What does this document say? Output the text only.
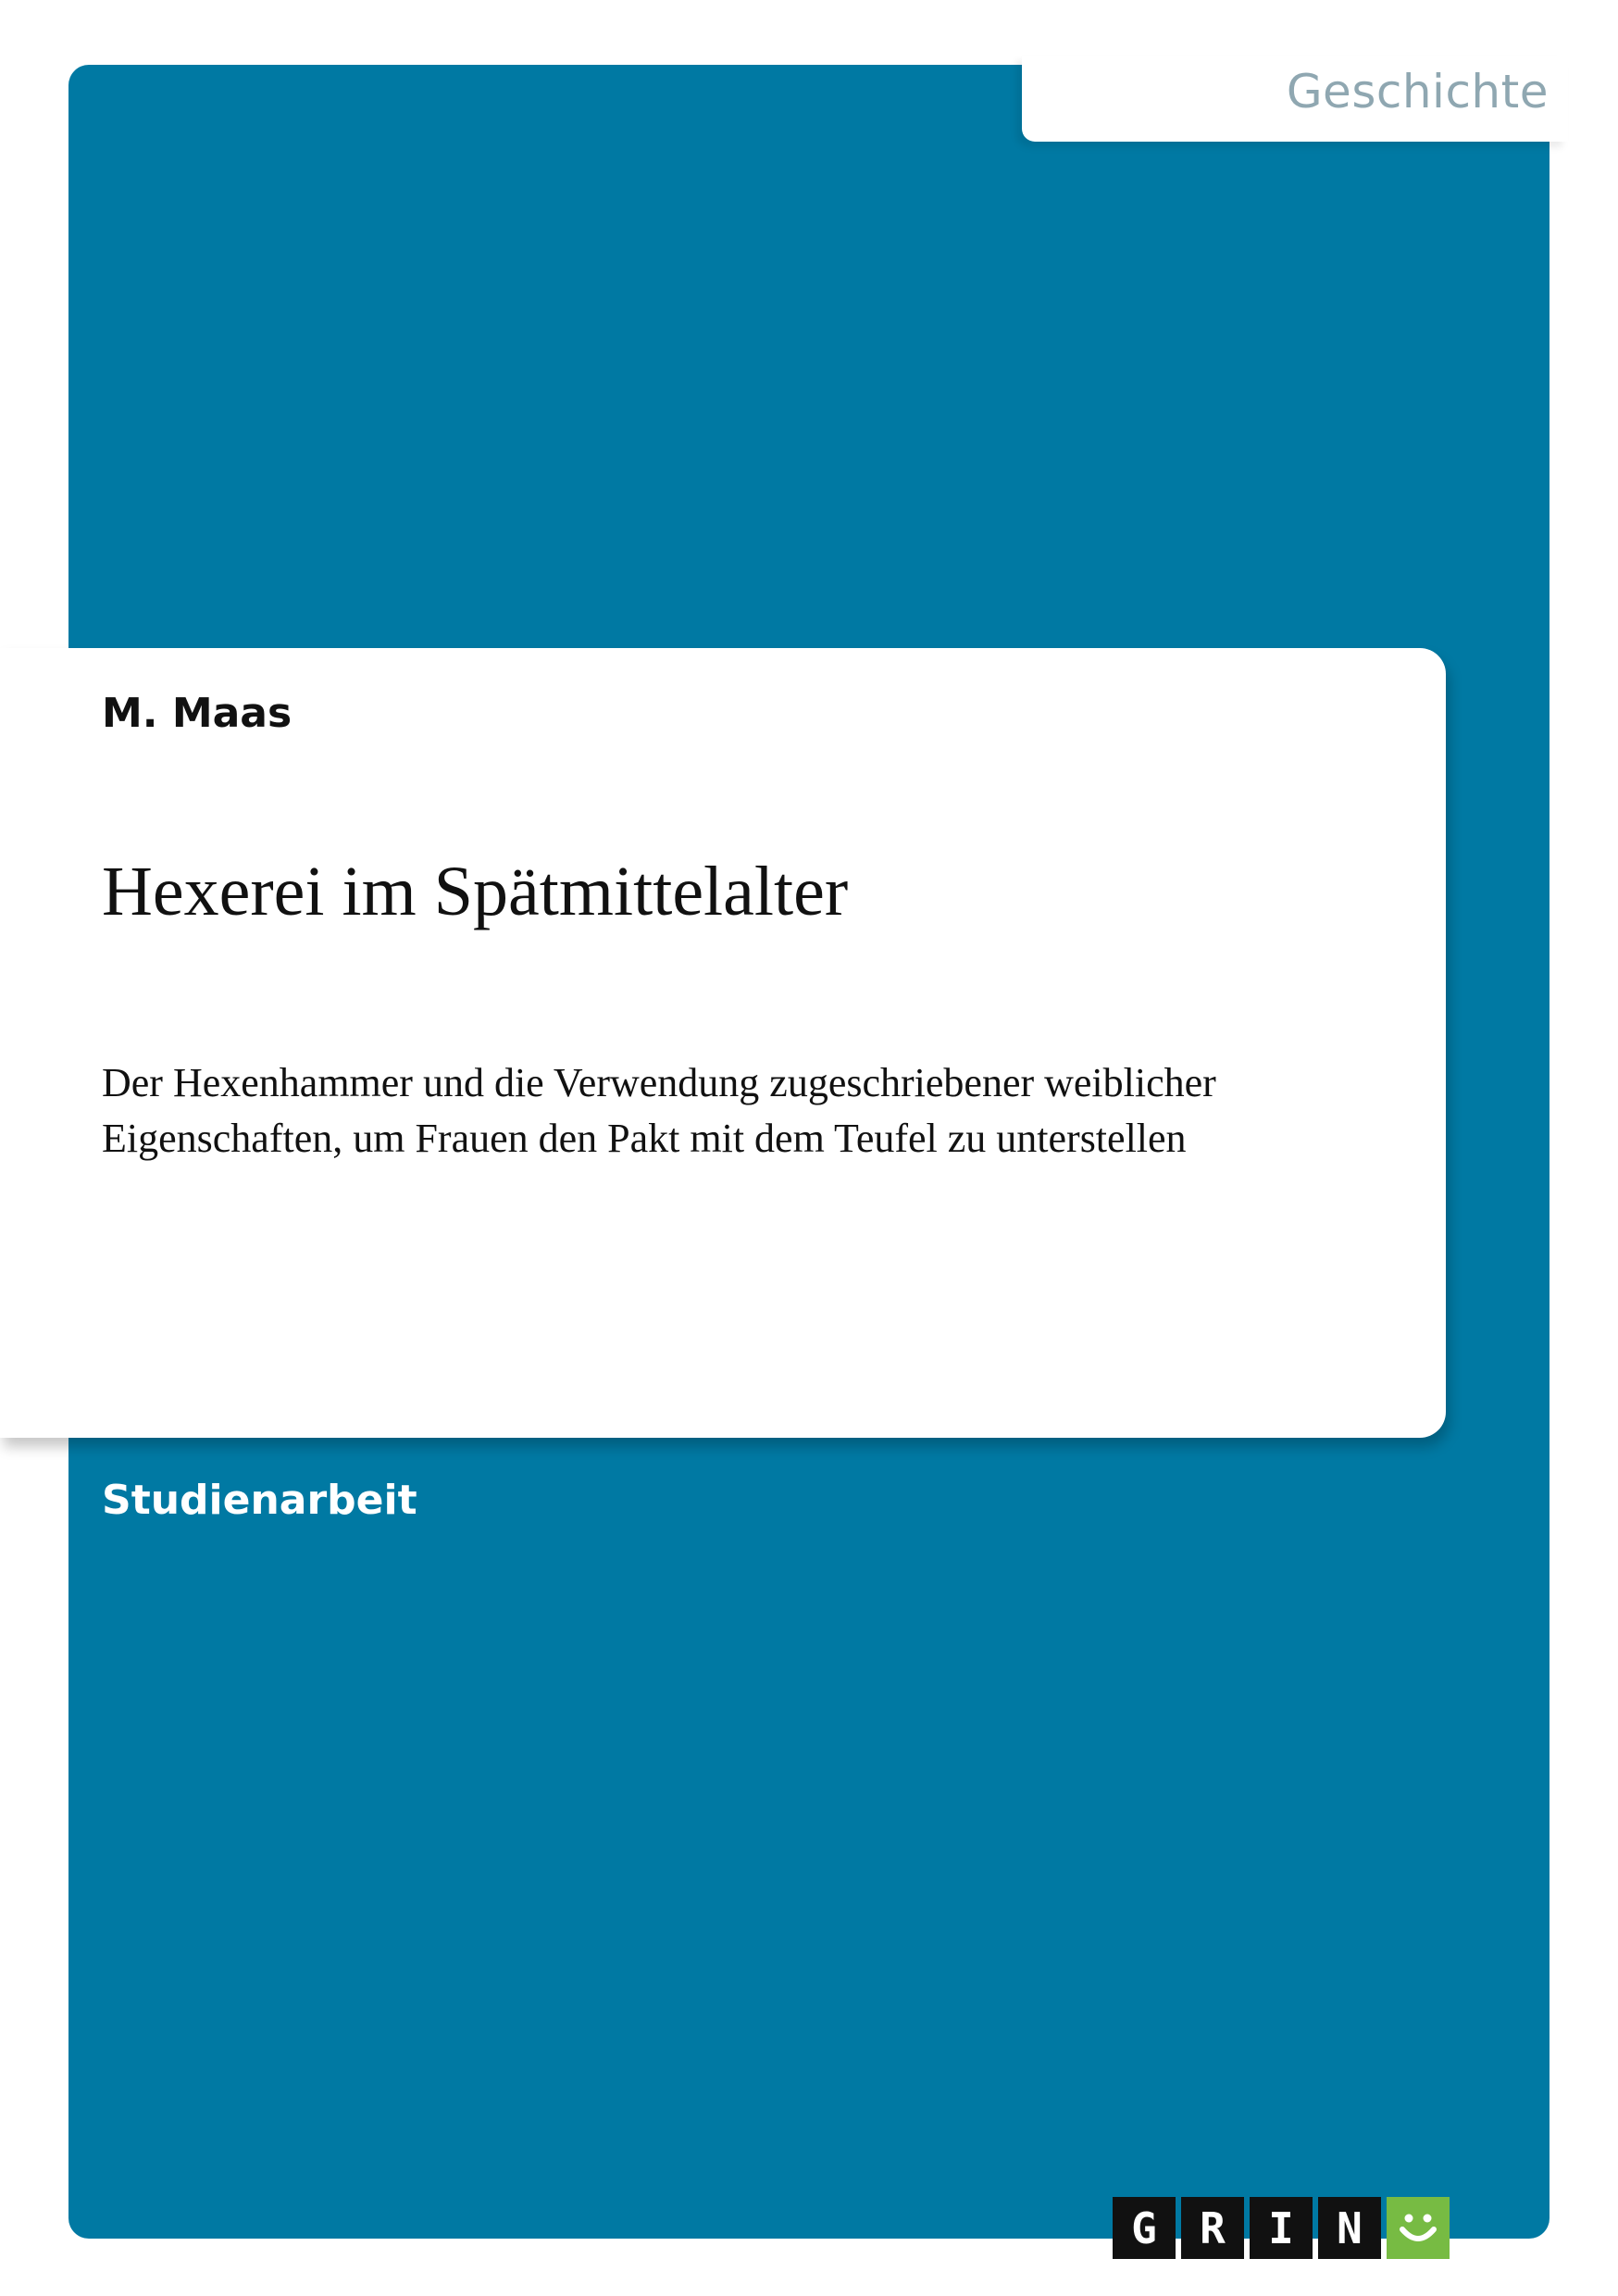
Geschichte
M. Maas
Hexerei im Spätmittelalter
Der Hexenhammer und die Verwendung zugeschriebener weiblicher
Eigenschaften, um Frauen den Pakt mit dem Teufel zu unterstellen
Studienarbeit
G	R	I	N
